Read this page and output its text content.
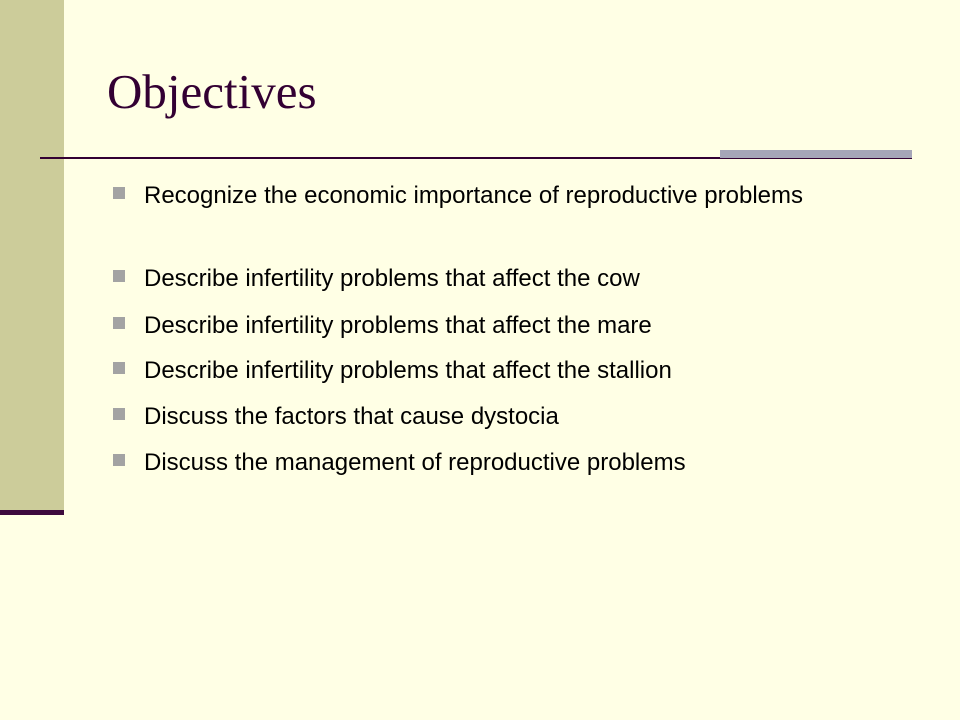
Objectives
Recognize the economic importance of reproductive problems
Describe infertility problems that affect the cow
Describe infertility problems that affect the mare
Describe infertility problems that affect the stallion
Discuss the factors that cause dystocia
Discuss the management of reproductive problems
